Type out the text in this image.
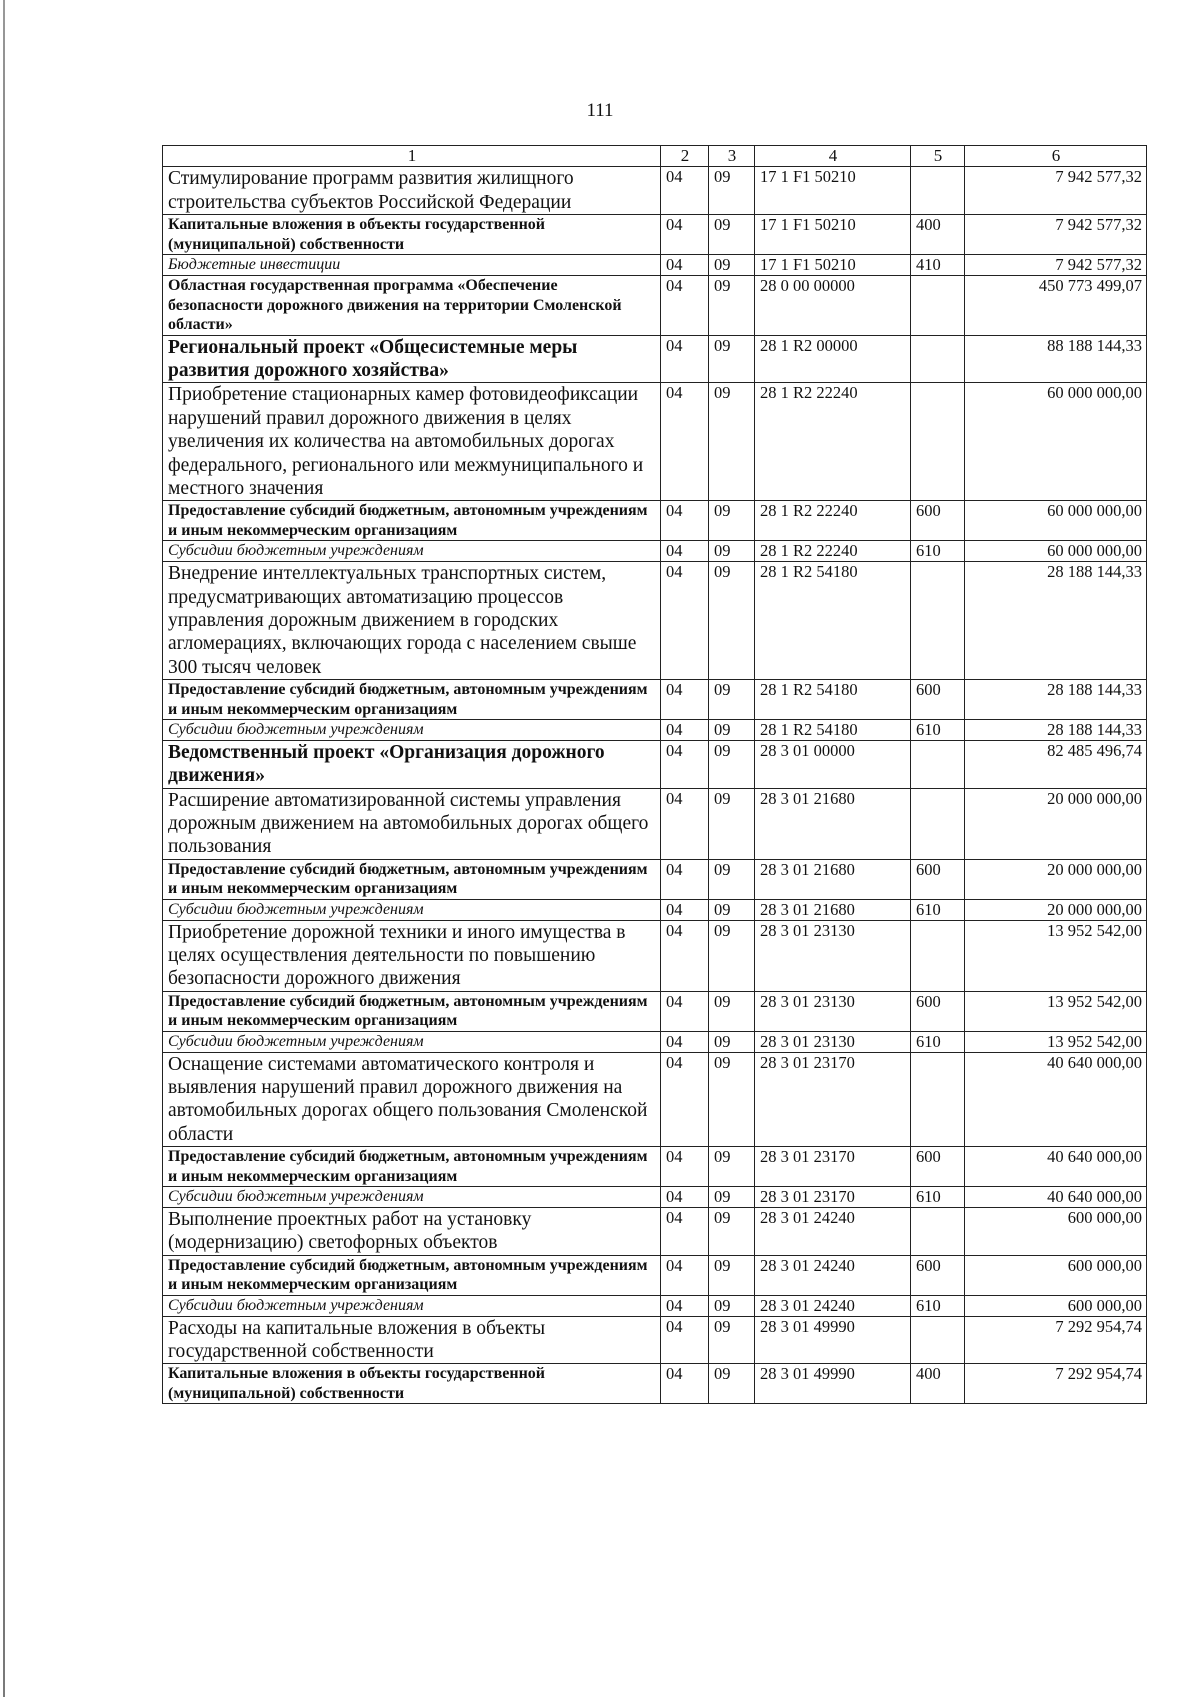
111
1	2	3	4	5	6
Стимулирование программ развития жилищного строительства субъектов Российской Федерации	04	09	17 1 F1 50210		7 942 577,32
Капитальные вложения в объекты государственной (муниципальной) собственности	04	09	17 1 F1 50210	400	7 942 577,32
Бюджетные инвестиции	04	09	17 1 F1 50210	410	7 942 577,32
Областная государственная программа «Обеспечение безопасности дорожного движения на территории Смоленской области»	04	09	28 0 00 00000		450 773 499,07
Региональный проект «Общесистемные меры развития дорожного хозяйства»	04	09	28 1 R2 00000		88 188 144,33
Приобретение стационарных камер фотовидеофиксации нарушений правил дорожного движения в целях увеличения их количества на автомобильных дорогах федерального, регионального или межмуниципального и местного значения	04	09	28 1 R2 22240		60 000 000,00
Предоставление субсидий бюджетным, автономным учреждениям и иным некоммерческим организациям	04	09	28 1 R2 22240	600	60 000 000,00
Субсидии бюджетным учреждениям	04	09	28 1 R2 22240	610	60 000 000,00
Внедрение интеллектуальных транспортных систем, предусматривающих автоматизацию процессов управления дорожным движением в городских агломерациях, включающих города с населением свыше 300 тысяч человек	04	09	28 1 R2 54180		28 188 144,33
Предоставление субсидий бюджетным, автономным учреждениям и иным некоммерческим организациям	04	09	28 1 R2 54180	600	28 188 144,33
Субсидии бюджетным учреждениям	04	09	28 1 R2 54180	610	28 188 144,33
Ведомственный проект «Организация дорожного движения»	04	09	28 3 01 00000		82 485 496,74
Расширение автоматизированной системы управления дорожным движением на автомобильных дорогах общего пользования	04	09	28 3 01 21680		20 000 000,00
Предоставление субсидий бюджетным, автономным учреждениям и иным некоммерческим организациям	04	09	28 3 01 21680	600	20 000 000,00
Субсидии бюджетным учреждениям	04	09	28 3 01 21680	610	20 000 000,00
Приобретение дорожной техники и иного имущества в целях осуществления деятельности по повышению безопасности дорожного движения	04	09	28 3 01 23130		13 952 542,00
Предоставление субсидий бюджетным, автономным учреждениям и иным некоммерческим организациям	04	09	28 3 01 23130	600	13 952 542,00
Субсидии бюджетным учреждениям	04	09	28 3 01 23130	610	13 952 542,00
Оснащение системами автоматического контроля и выявления нарушений правил дорожного движения на автомобильных дорогах общего пользования Смоленской области	04	09	28 3 01 23170		40 640 000,00
Предоставление субсидий бюджетным, автономным учреждениям и иным некоммерческим организациям	04	09	28 3 01 23170	600	40 640 000,00
Субсидии бюджетным учреждениям	04	09	28 3 01 23170	610	40 640 000,00
Выполнение проектных работ на установку (модернизацию) светофорных объектов	04	09	28 3 01 24240		600 000,00
Предоставление субсидий бюджетным, автономным учреждениям и иным некоммерческим организациям	04	09	28 3 01 24240	600	600 000,00
Субсидии бюджетным учреждениям	04	09	28 3 01 24240	610	600 000,00
Расходы на капитальные вложения в объекты государственной собственности	04	09	28 3 01 49990		7 292 954,74
Капитальные вложения в объекты государственной (муниципальной) собственности	04	09	28 3 01 49990	400	7 292 954,74
